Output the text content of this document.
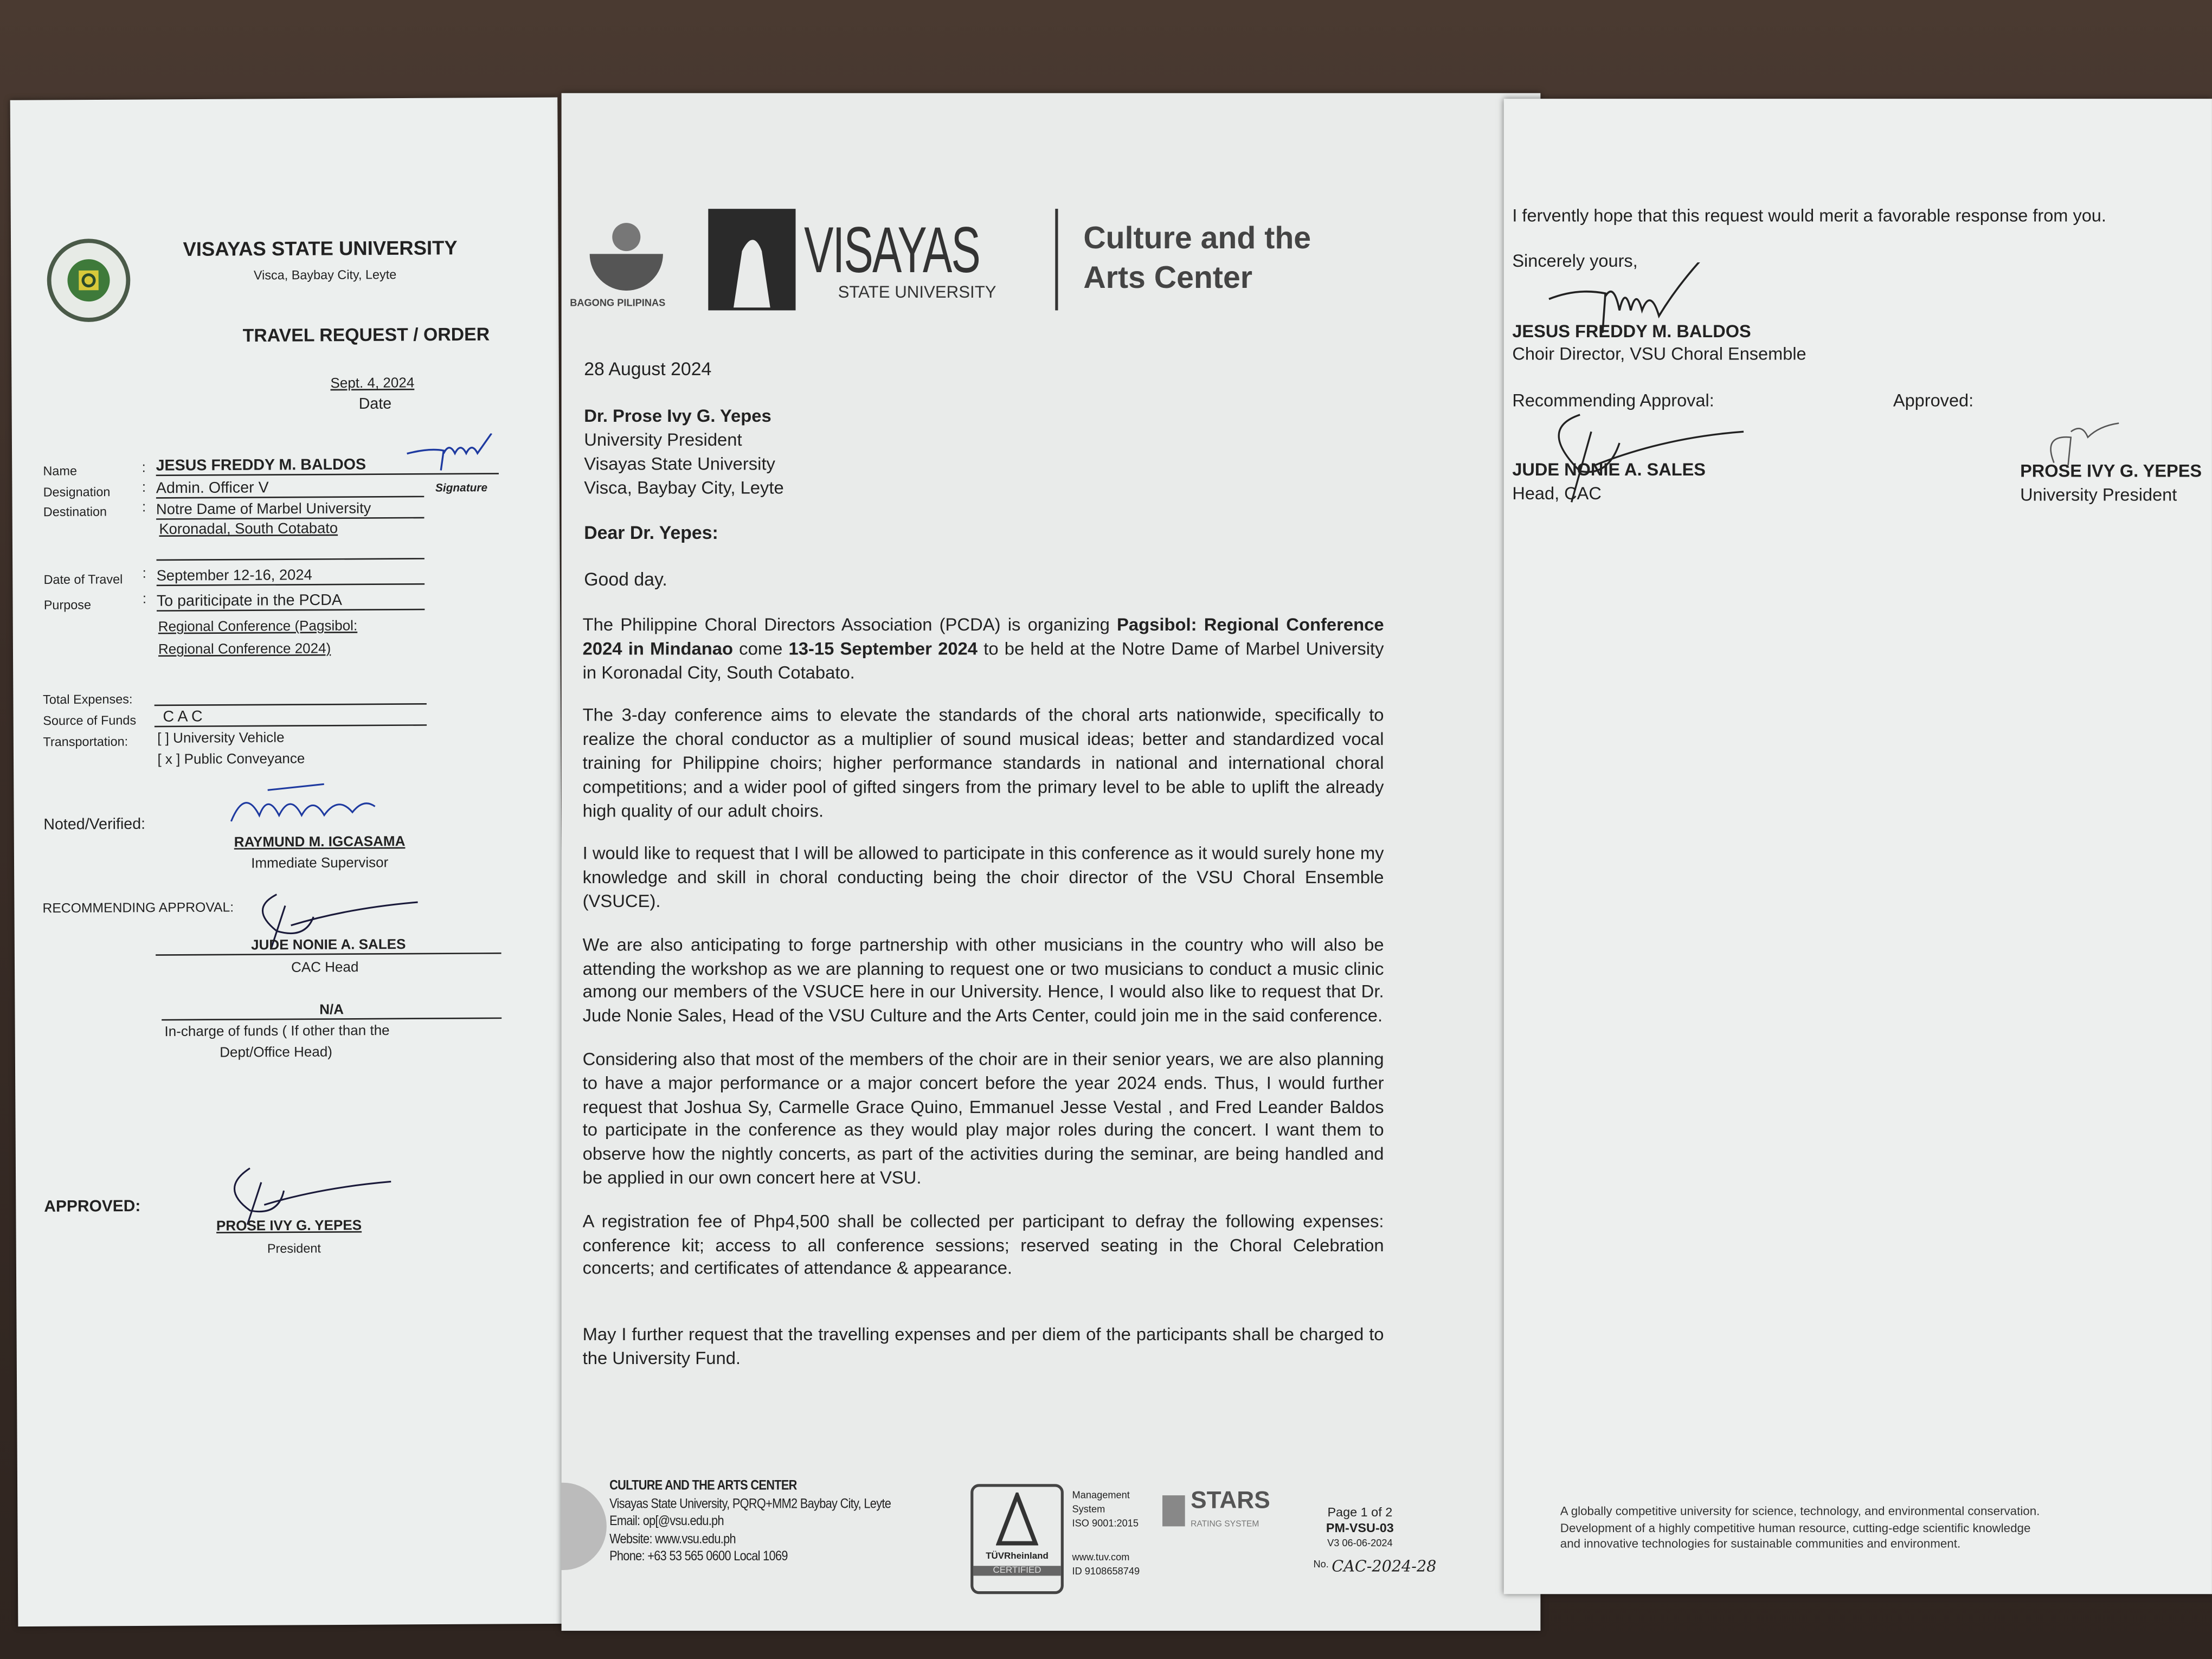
VISAYAS STATE UNIVERSITY
Visca, Baybay City, Leyte
TRAVEL REQUEST / ORDER
Sept. 4, 2024
Date
Name	: JESUS FREDDY M. BALDOS
Signature
Designation	: Admin. Officer V
Destination	: Notre Dame of Marbel University
Koronadal, South Cotabato
Date of Travel	: September 12-16, 2024
Purpose	: To pariticipate in the PCDA
Regional Conference (Pagsibol:
Regional Conference 2024)
Total Expenses:
Source of Funds	C A C
Transportation:	[ ] University Vehicle
[ x ] Public Conveyance
Noted/Verified:
RAYMUND M. IGCASAMA
Immediate Supervisor
RECOMMENDING APPROVAL:
JUDE NONIE A. SALES
CAC Head
N/A
In-charge of funds ( If other than the
Dept/Office Head)
APPROVED:
PROSE IVY G. YEPES
President
BAGONG PILIPINAS
VISAYAS
STATE UNIVERSITY
Culture and the
Arts Center
28 August 2024
Dr. Prose Ivy G. Yepes
University President
Visayas State University
Visca, Baybay City, Leyte
Dear Dr. Yepes:
Good day.

The Philippine Choral Directors Association (PCDA) is organizing Pagsibol: Regional Conference 2024 in Mindanao come 13-15 September 2024 to be held at the Notre Dame of Marbel University in Koronadal City, South Cotabato.

The 3-day conference aims to elevate the standards of the choral arts nationwide, specifically to realize the choral conductor as a multiplier of sound musical ideas; better and standardized vocal training for Philippine choirs; higher performance standards in national and international choral competitions; and a wider pool of gifted singers from the primary level to be able to uplift the already high quality of our adult choirs.

I would like to request that I will be allowed to participate in this conference as it would surely hone my knowledge and skill in choral conducting being the choir director of the VSU Choral Ensemble (VSUCE).

We are also anticipating to forge partnership with other musicians in the country who will also be attending the workshop as we are planning to request one or two musicians to conduct a music clinic among our members of the VSUCE here in our University. Hence, I would also like to request that Dr. Jude Nonie Sales, Head of the VSU Culture and the Arts Center, could join me in the said conference.

Considering also that most of the members of the choir are in their senior years, we are also planning to have a major performance or a major concert before the year 2024 ends. Thus, I would further request that Joshua Sy, Carmelle Grace Quino, Emmanuel Jesse Vestal , and Fred Leander Baldos to participate in the conference as they would play major roles during the concert. I want them to observe how the nightly concerts, as part of the activities during the seminar, are being handled and be applied in our own concert here at VSU.

A registration fee of Php4,500 shall be collected per participant to defray the following expenses: conference kit; access to all conference sessions; reserved seating in the Choral Celebration concerts; and certificates of attendance & appearance.

May I further request that the travelling expenses and per diem of the participants shall be charged to the University Fund.

CULTURE AND THE ARTS CENTER
Visayas State University, PQRQ+MM2 Baybay City, Leyte
Email: op[@vsu.edu.ph
Website: www.vsu.edu.ph
Phone: +63 53 565 0600 Local 1069	TÜVRheinland
CERTIFIED
Management
System
ISO 9001:2015
www.tuv.com
ID 9108658749
STARS
RATING SYSTEM
Page 1 of 2
PM-VSU-03
V3 06-06-2024
No. CAC-2024-28
I fervently hope that this request would merit a favorable response from you.
Sincerely yours,
JESUS FREDDY M. BALDOS
Choir Director, VSU Choral Ensemble
Recommending Approval:	Approved:
JUDE NONIE A. SALES
Head, CAC
PROSE IVY G. YEPES
University President
A globally competitive university for science, technology, and environmental conservation.
Development of a highly competitive human resource, cutting-edge scientific knowledge
and innovative technologies for sustainable communities and environment.
